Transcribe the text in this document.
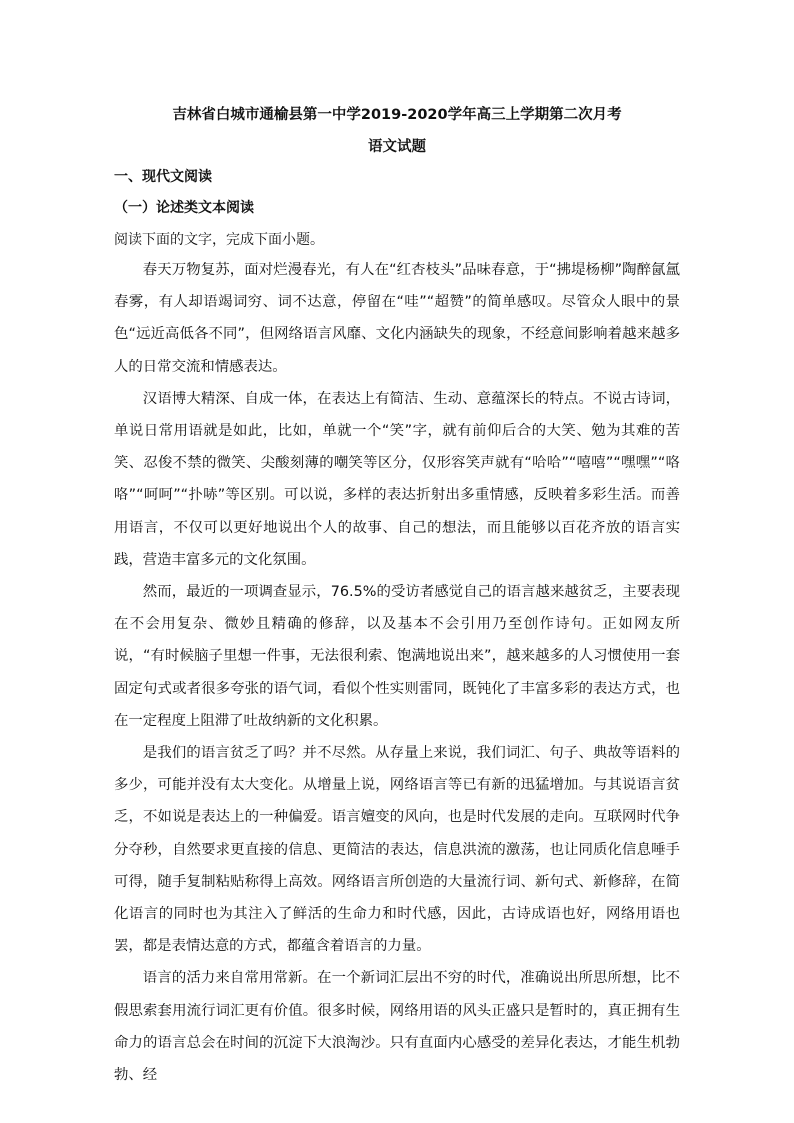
吉林省白城市通榆县第一中学2019-2020学年高三上学期第二次月考
语文试题
一、现代文阅读
（一）论述类文本阅读
阅读下面的文字，完成下面小题。

春天万物复苏，面对烂漫春光，有人在“红杏枝头”品味春意，于“拂堤杨柳”陶醉氤氲春雾，有人却语竭词穷、词不达意，停留在“哇”“超赞”的简单感叹。尽管众人眼中的景色“远近高低各不同”，但网络语言风靡、文化内涵缺失的现象，不经意间影响着越来越多人的日常交流和情感表达。

汉语博大精深、自成一体，在表达上有简洁、生动、意蕴深长的特点。不说古诗词，单说日常用语就是如此，比如，单就一个“笑”字，就有前仰后合的大笑、勉为其难的苦笑、忍俊不禁的微笑、尖酸刻薄的嘲笑等区分，仅形容笑声就有“哈哈”“嘻嘻”“嘿嘿”“咯咯”“呵呵”“扑哧”等区别。可以说，多样的表达折射出多重情感，反映着多彩生活。而善用语言，不仅可以更好地说出个人的故事、自己的想法，而且能够以百花齐放的语言实践，营造丰富多元的文化氛围。

然而，最近的一项调查显示，76.5%的受访者感觉自己的语言越来越贫乏，主要表现在不会用复杂、微妙且精确的修辞，以及基本不会引用乃至创作诗句。正如网友所说，“有时候脑子里想一件事，无法很利索、饱满地说出来”，越来越多的人习惯使用一套固定句式或者很多夸张的语气词，看似个性实则雷同，既钝化了丰富多彩的表达方式，也在一定程度上阻滞了吐故纳新的文化积累。

是我们的语言贫乏了吗？并不尽然。从存量上来说，我们词汇、句子、典故等语料的多少，可能并没有太大变化。从增量上说，网络语言等已有新的迅猛增加。与其说语言贫乏，不如说是表达上的一种偏爱。语言嬗变的风向，也是时代发展的走向。互联网时代争分夺秒，自然要求更直接的信息、更简洁的表达，信息洪流的激荡，也让同质化信息唾手可得，随手复制粘贴称得上高效。网络语言所创造的大量流行词、新句式、新修辞，在简化语言的同时也为其注入了鲜活的生命力和时代感，因此，古诗成语也好，网络用语也罢，都是表情达意的方式，都蕴含着语言的力量。

语言的活力来自常用常新。在一个新词汇层出不穷的时代，准确说出所思所想，比不假思索套用流行词汇更有价值。很多时候，网络用语的风头正盛只是暂时的，真正拥有生命力的语言总会在时间的沉淀下大浪淘沙。只有直面内心感受的差异化表达，才能生机勃勃、经
